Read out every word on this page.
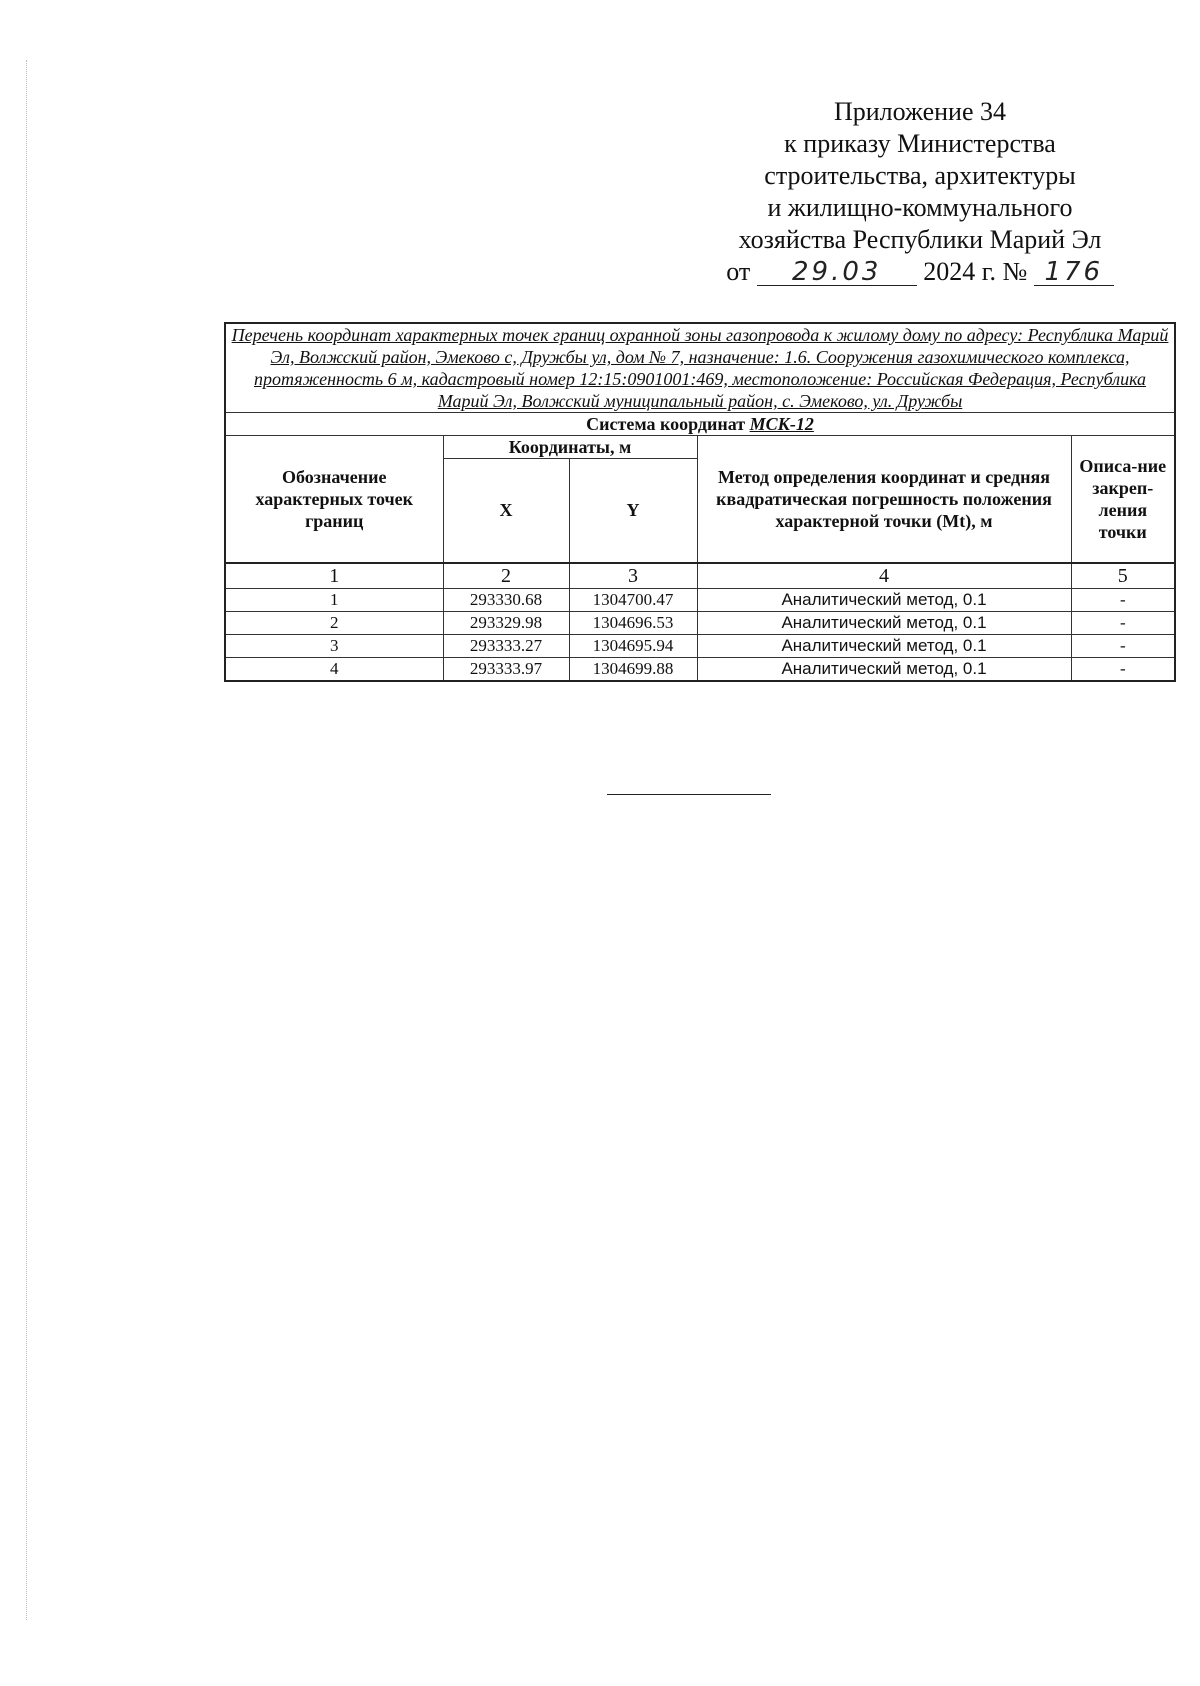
Приложение 34
к приказу Министерства
строительства, архитектуры
и жилищно-коммунального
хозяйства Республики Марий Эл
от 29.03 2024 г. № 176
Перечень координат характерных точек границ охранной зоны газопровода к жилому дому по адресу: Республика Марий Эл, Волжский район, Эмеково с, Дружбы ул, дом № 7, назначение: 1.6. Сооружения газохимического комплекса, протяженность 6 м, кадастровый номер 12:15:0901001:469, местоположение: Российская Федерация, Республика Марий Эл, Волжский муниципальный район, с. Эмеково, ул. Дружбы				
Система координат МСК-12				
Обозначение характерных точек границ	Координаты, м		Метод определения координат и средняя квадратическая погрешность положения характерной точки (Mt), м	Описа-ние закреп-ления точки
	X	Y		
1	2	3	4	5
1	293330.68	1304700.47	Аналитический метод, 0.1	-
2	293329.98	1304696.53	Аналитический метод, 0.1	-
3	293333.27	1304695.94	Аналитический метод, 0.1	-
4	293333.97	1304699.88	Аналитический метод, 0.1	-
